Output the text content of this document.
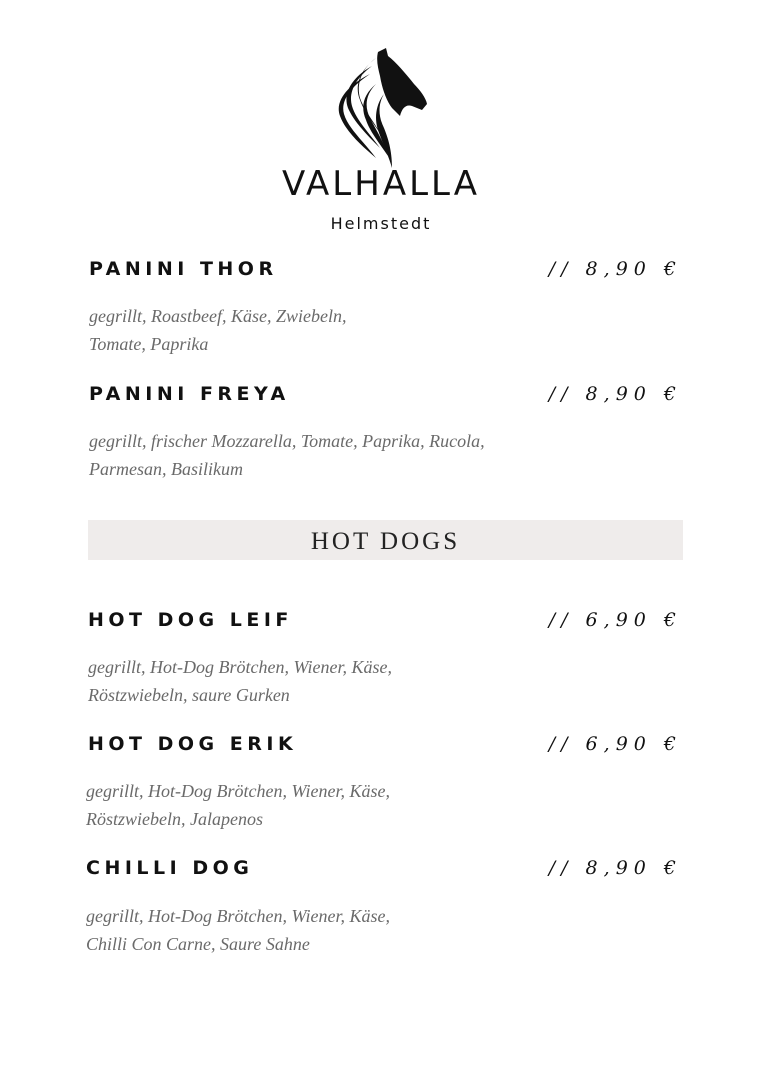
VALHALLA
Helmstedt
PANINI THOR	// 8,90 €
gegrillt, Roastbeef, Käse, Zwiebeln,
Tomate, Paprika
PANINI FREYA	// 8,90 €
gegrillt, frischer Mozzarella, Tomate, Paprika, Rucola,
Parmesan, Basilikum
HOT DOGS
HOT DOG LEIF	// 6,90 €
gegrillt, Hot-Dog Brötchen, Wiener, Käse,
Röstzwiebeln, saure Gurken
HOT DOG ERIK	// 6,90 €
gegrillt, Hot-Dog Brötchen, Wiener, Käse,
Röstzwiebeln, Jalapenos
CHILLI DOG	// 8,90 €
gegrillt, Hot-Dog Brötchen, Wiener, Käse,
Chilli Con Carne, Saure Sahne
